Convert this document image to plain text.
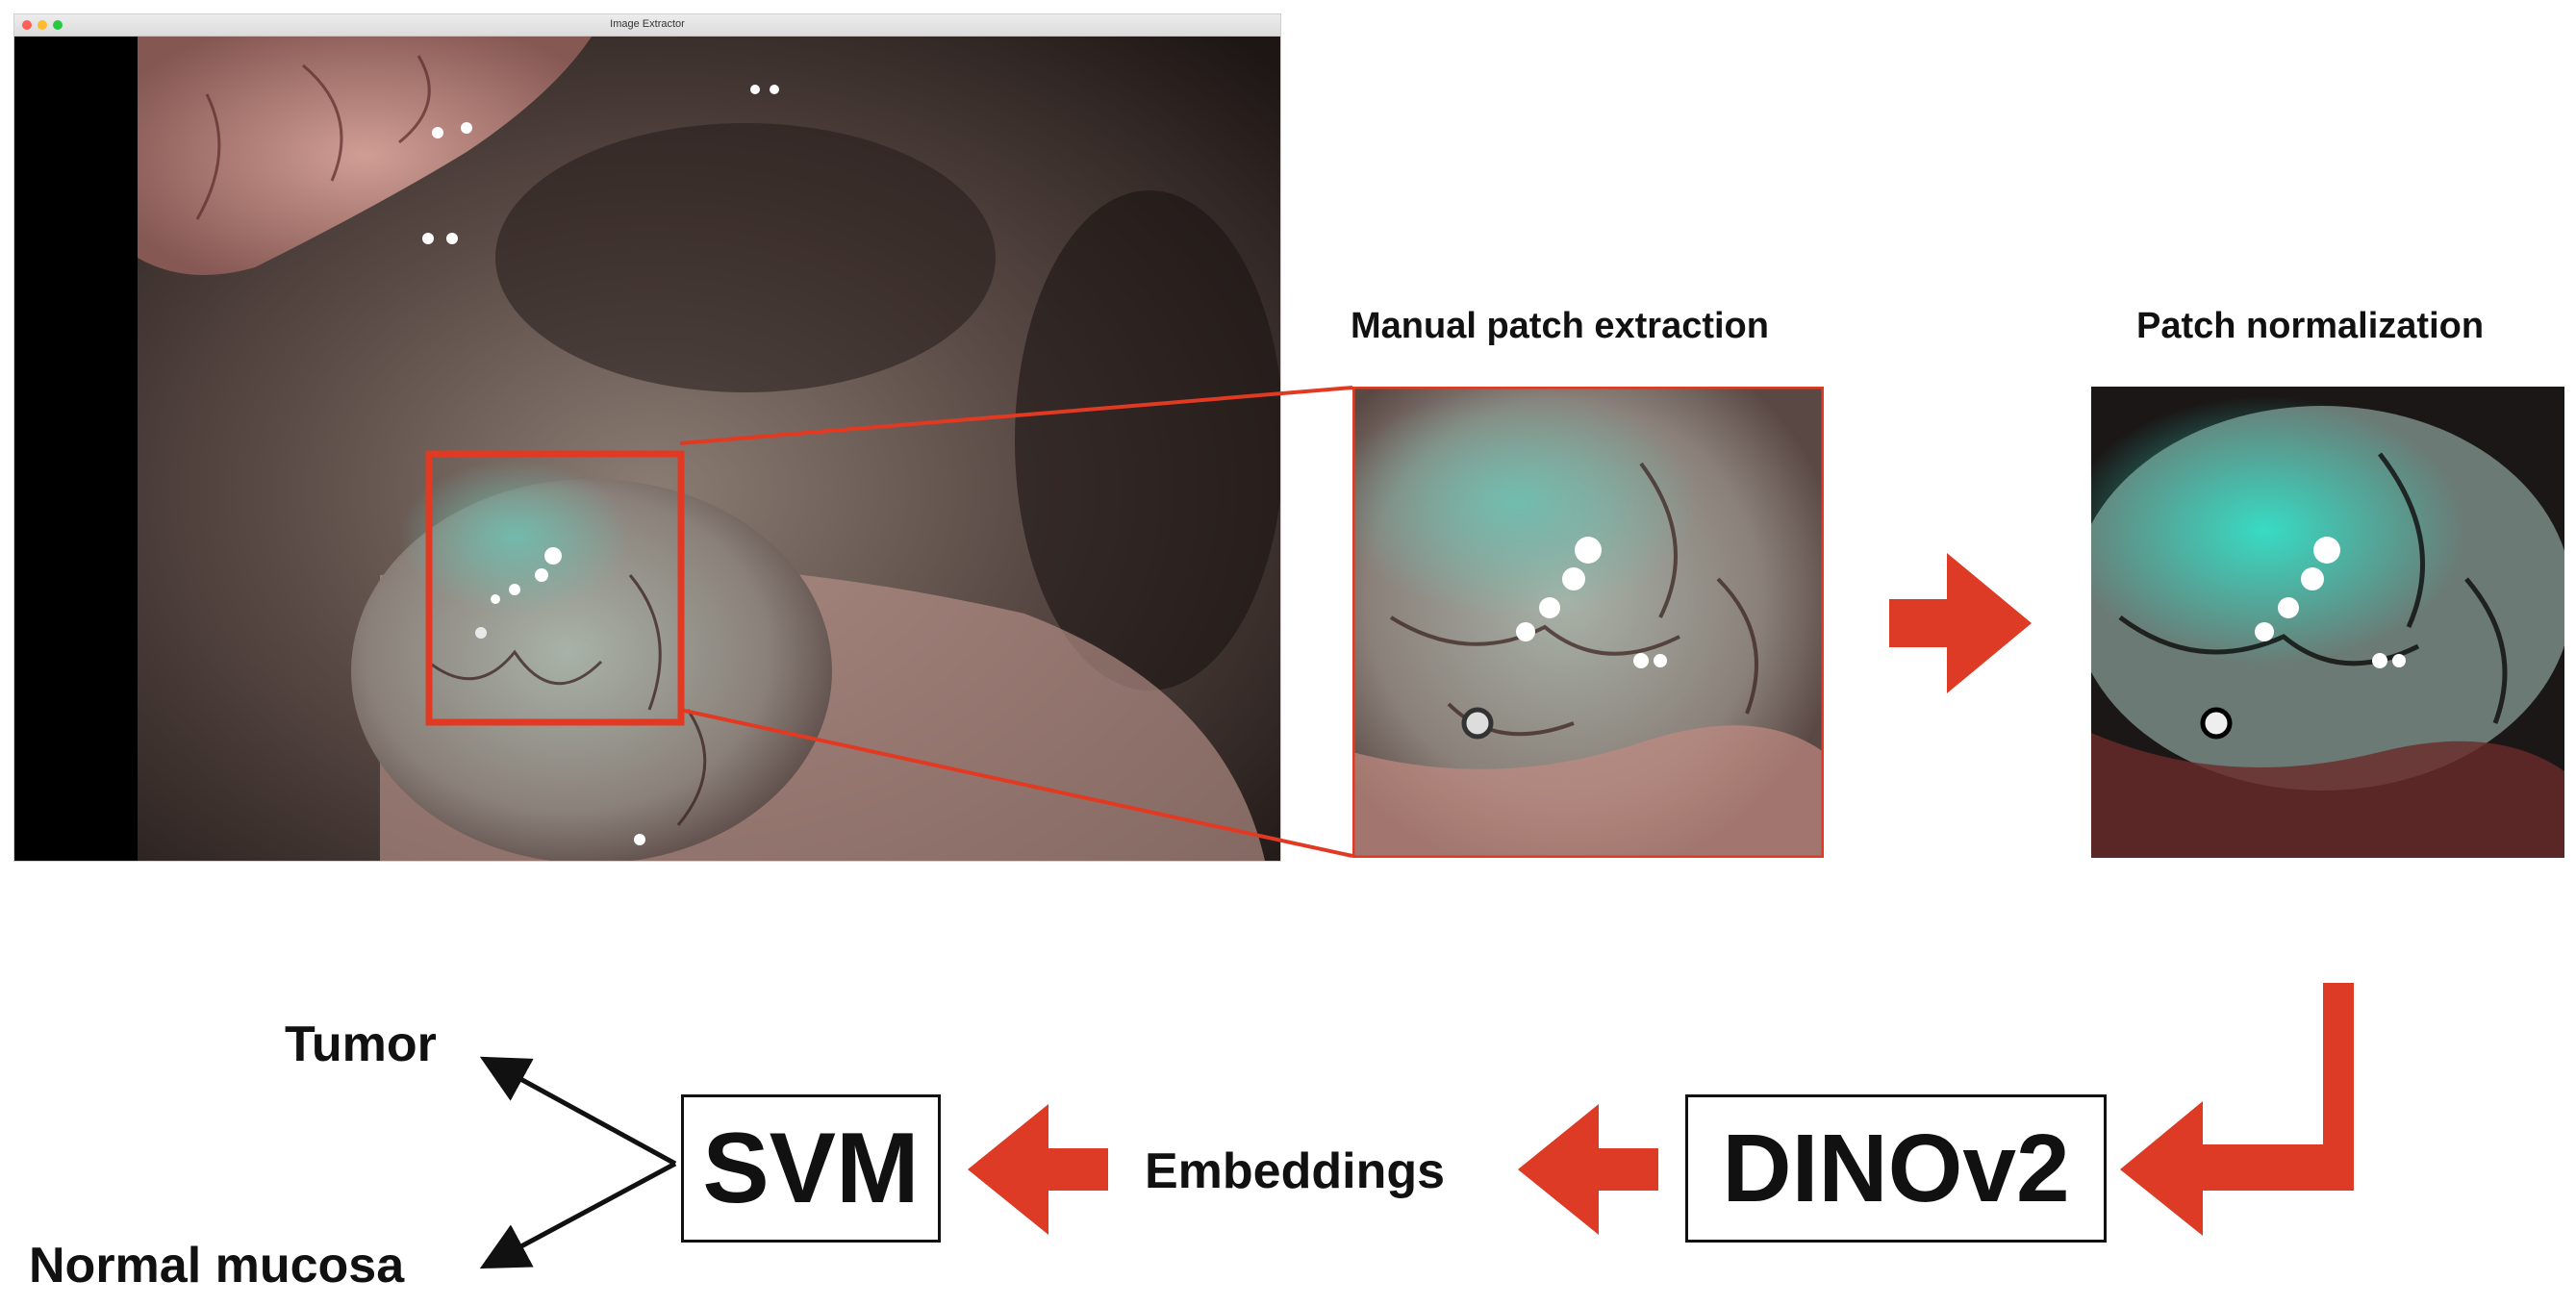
Image Extractor
Manual patch extraction	Patch normalization
DINOv2
Embeddings
SVM
Tumor
Normal mucosa
